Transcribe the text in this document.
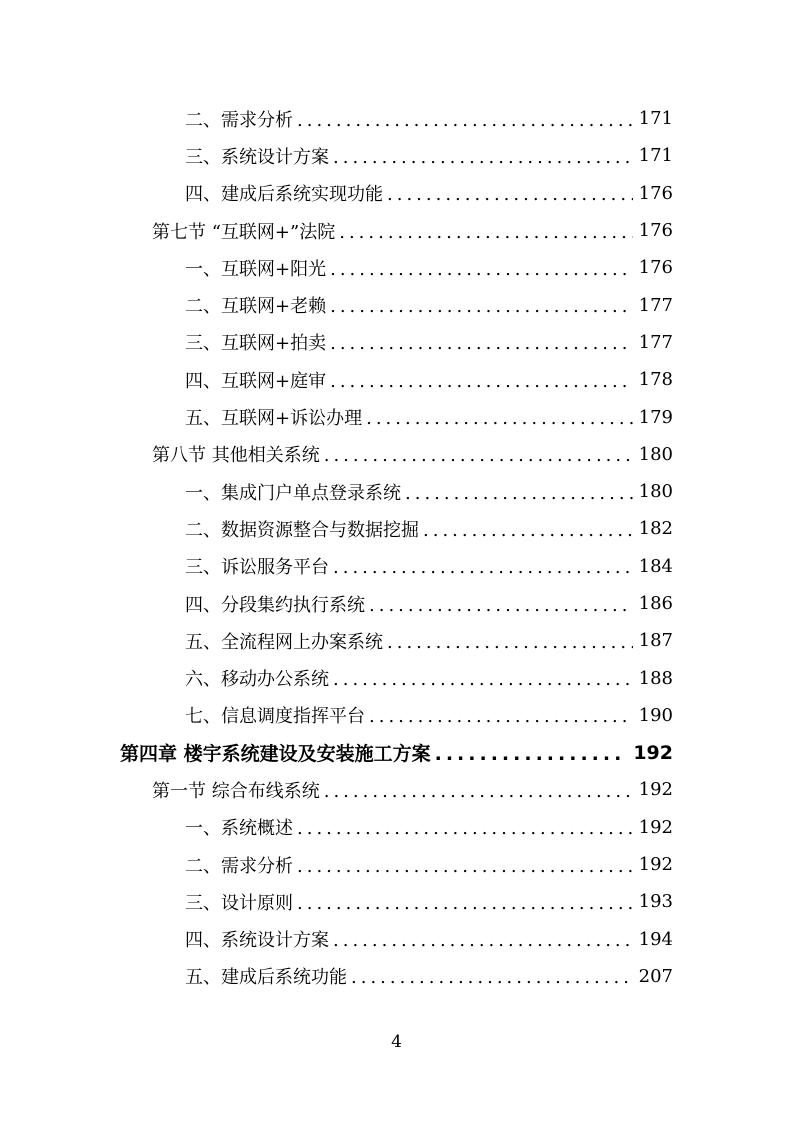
二、需求分析 .....	171
三、系统设计方案 .....	171
四、建成后系统实现功能 .....	176
第七节 “互联网+”法院 .....	176
一、互联网+阳光 .....	176
二、互联网+老赖 .....	177
三、互联网+拍卖 .....	177
四、互联网+庭审 .....	178
五、互联网+诉讼办理 .....	179
第八节 其他相关系统 .....	180
一、集成门户单点登录系统 .....	180
二、数据资源整合与数据挖掘 .....	182
三、诉讼服务平台 .....	184
四、分段集约执行系统 .....	186
五、全流程网上办案系统 .....	187
六、移动办公系统 .....	188
七、信息调度指挥平台 .....	190
第四章 楼宇系统建设及安装施工方案 .....	192
第一节 综合布线系统 .....	192
一、系统概述 .....	192
二、需求分析 .....	192
三、设计原则 .....	193
四、系统设计方案 .....	194
五、建成后系统功能 .....	207
4
